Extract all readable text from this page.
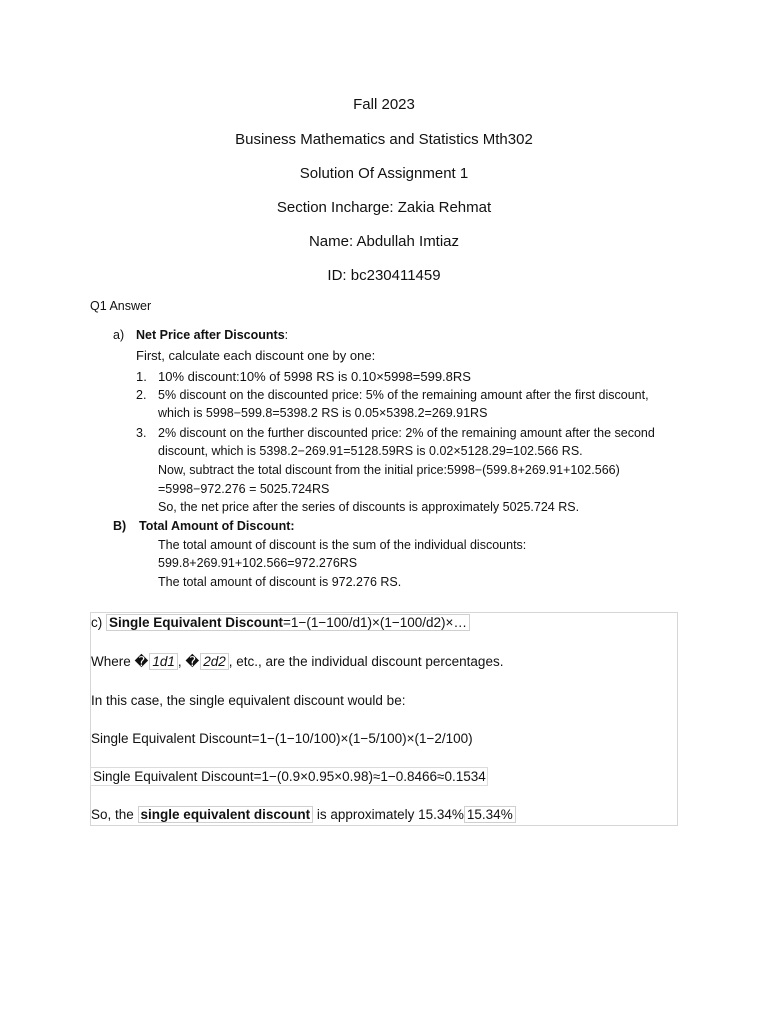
Fall 2023
Business Mathematics and Statistics Mth302
Solution Of Assignment 1
Section Incharge: Zakia Rehmat
Name: Abdullah Imtiaz
ID: bc230411459
Q1 Answer
a) Net Price after Discounts:
First, calculate each discount one by one:
1. 10% discount:10% of 5998 RS is 0.10×5998=599.8RS
2. 5% discount on the discounted price: 5% of the remaining amount after the first discount,
which is 5998−599.8=5398.2 RS is 0.05×5398.2=269.91RS
3. 2% discount on the further discounted price: 2% of the remaining amount after the second
discount, which is 5398.2−269.91=5128.59RS is 0.02×5128.29=102.566 RS.
Now, subtract the total discount from the initial price:5998−(599.8+269.91+102.566)
=5998−972.276 = 5025.724RS
So, the net price after the series of discounts is approximately 5025.724 RS.
B) Total Amount of Discount:
The total amount of discount is the sum of the individual discounts:
599.8+269.91+102.566=972.276RS
The total amount of discount is 972.276 RS.
c) Single Equivalent Discount=1−(1−100/d1)×(1−100/d2)×…
Where � 1d1 , � 2d2 , etc., are the individual discount percentages.
In this case, the single equivalent discount would be:
Single Equivalent Discount=1−(1−10/100)×(1−5/100)×(1−2/100)
Single Equivalent Discount=1−(0.9×0.95×0.98)≈1−0.8466≈0.1534
So, the single equivalent discount is approximately 15.34% 15.34%
